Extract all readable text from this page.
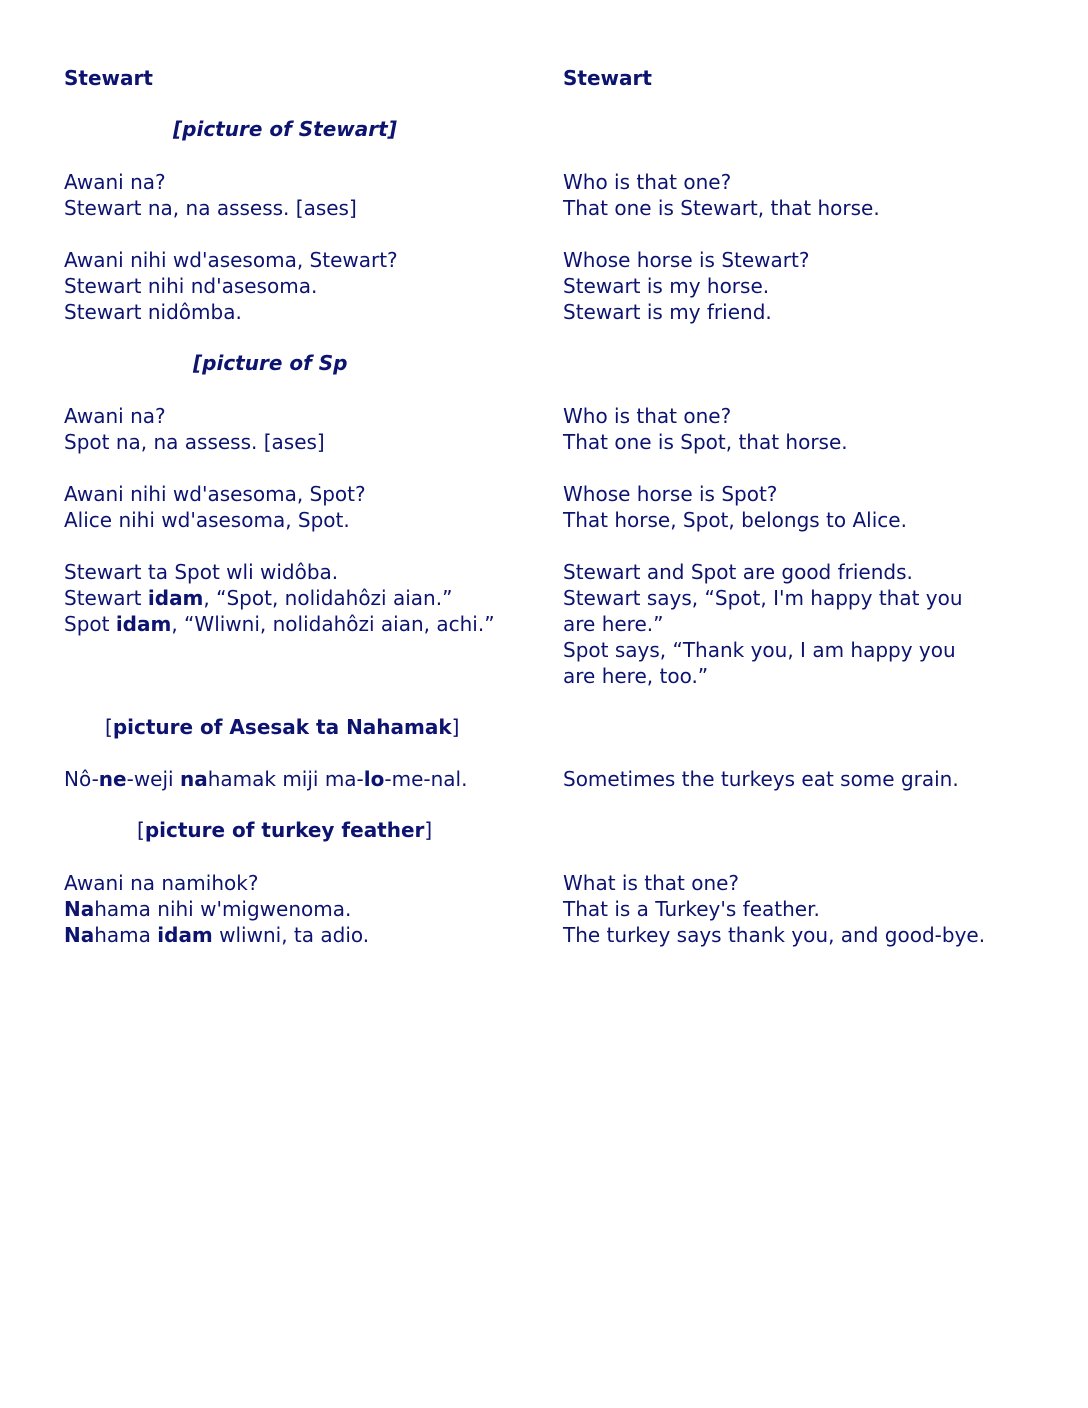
Stewart	Stewart

[picture of Stewart]

Awani na?

Stewart na, na assess. [ases]

Who is that one?

That one is Stewart, that horse.

Awani nihi wd'asesoma, Stewart?

Stewart nihi nd'asesoma.

Stewart nidômba.

Whose horse is Stewart?

Stewart is my horse.

Stewart is my friend.

[picture of Sp

Awani na?

Spot na, na assess. [ases]

Who is that one?

That one is Spot, that horse.

Awani nihi wd'asesoma, Spot?

Alice nihi wd'asesoma, Spot.

Whose horse is Spot?

That horse, Spot, belongs to Alice.

Stewart ta Spot wli widôba.

Stewart idam, “Spot, nolidahôzi aian.”

Spot idam, “Wliwni, nolidahôzi aian, achi.”

Stewart and Spot are good friends.

Stewart says, “Spot, I'm happy that you

are here.”

Spot says, “Thank you, I am happy you

are here, too.”

[picture of Asesak ta Nahamak]

Nô-ne-weji nahamak miji ma-lo-me-nal.	Sometimes the turkeys eat some grain.

[picture of turkey feather]

Awani na namihok?

Nahama nihi w'migwenoma.

Nahama idam wliwni, ta adio.

What is that one?

That is a Turkey's feather.

The turkey says thank you, and good-bye.
